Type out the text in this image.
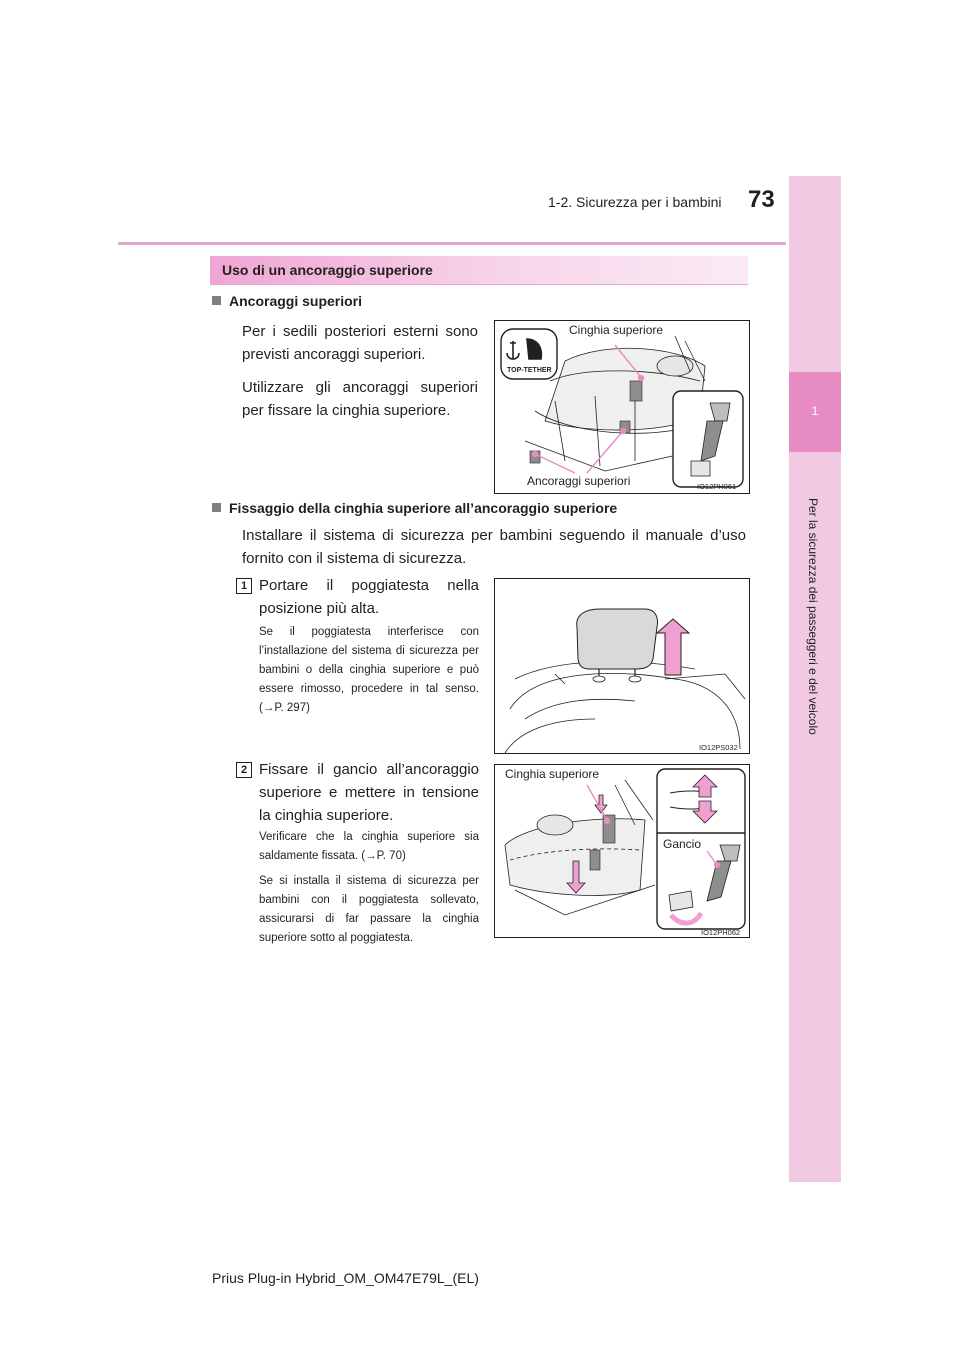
1-2. Sicurezza per i bambini 73
1
Per la sicurezza dei passeggeri e del veicolo
Uso di un ancoraggio superiore
Ancoraggi superiori
Per i sedili posteriori esterni sono previsti ancoraggi superiori.
Utilizzare gli ancoraggi superiori per fissare la cinghia superiore.
TOP-TETHER
Cinghia superiore
Ancoraggi superiori	IO12PH061
Fissaggio della cinghia superiore all’ancoraggio superiore
Installare il sistema di sicurezza per bambini seguendo il manuale d’uso fornito con il sistema di sicurezza.
1 Portare il poggiatesta nella posizione più alta.
Se il poggiatesta interferisce con l’installazione del sistema di sicurezza per bambini o della cinghia superiore e può essere rimosso, procedere in tal senso. (→P. 297)
IO12PS032
2 Fissare il gancio all’ancoraggio superiore e mettere in tensione la cinghia superiore.
Verificare che la cinghia superiore sia saldamente fissata. (→P. 70)
Se si installa il sistema di sicurezza per bambini con il poggiatesta sollevato, assicurarsi di far passare la cinghia superiore sotto al poggiatesta.
Cinghia superiore
Gancio
IO12PH062
Prius Plug-in Hybrid_OM_OM47E79L_(EL)
